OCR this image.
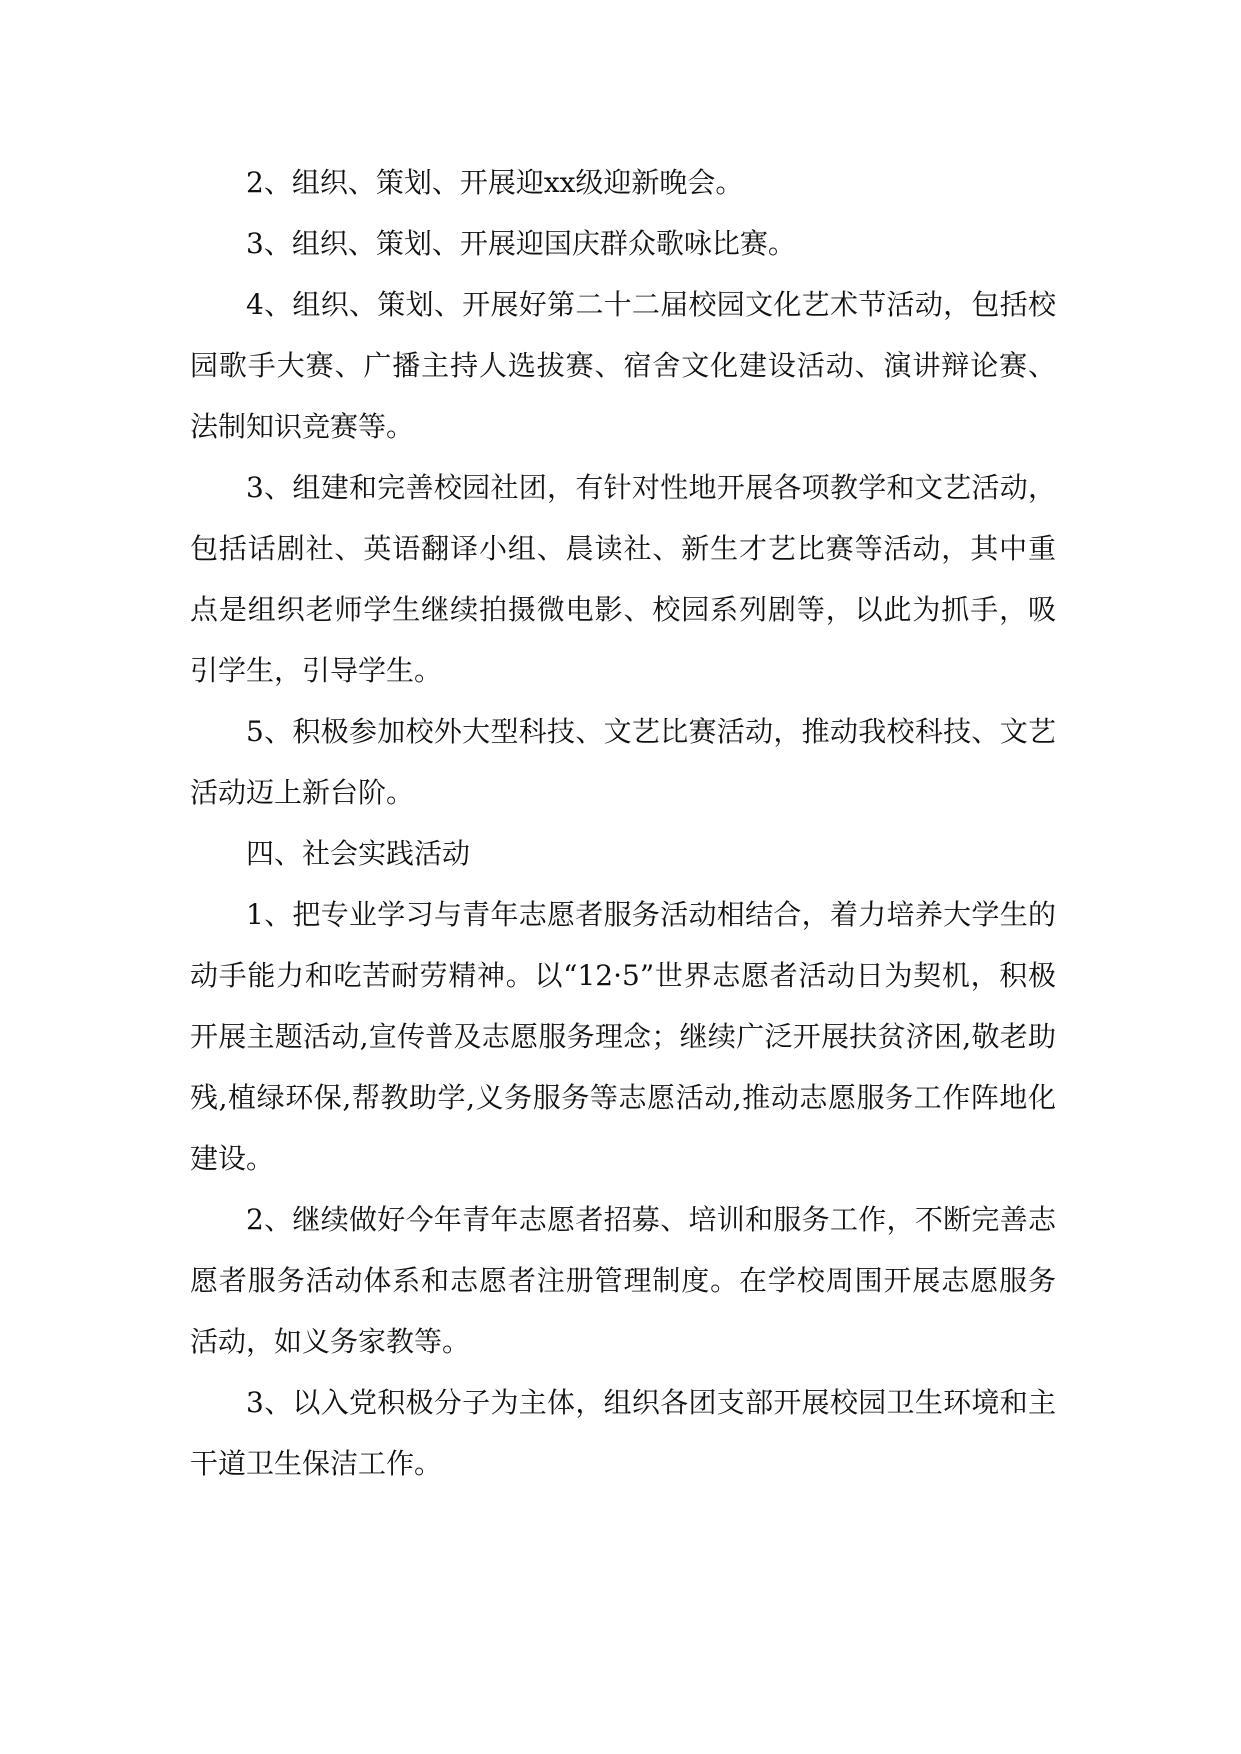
2、组织、策划、开展迎xx级迎新晚会。

3、组织、策划、开展迎国庆群众歌咏比赛。

4、组织、策划、开展好第二十二届校园文化艺术节活动，包括校园歌手大赛、广播主持人选拔赛、宿舍文化建设活动、演讲辩论赛、法制知识竞赛等。

3、组建和完善校园社团，有针对性地开展各项教学和文艺活动，包括话剧社、英语翻译小组、晨读社、新生才艺比赛等活动，其中重点是组织老师学生继续拍摄微电影、校园系列剧等，以此为抓手，吸引学生，引导学生。

5、积极参加校外大型科技、文艺比赛活动，推动我校科技、文艺活动迈上新台阶。

四、社会实践活动

1、把专业学习与青年志愿者服务活动相结合，着力培养大学生的动手能力和吃苦耐劳精神。以“12·5”世界志愿者活动日为契机，积极开展主题活动,宣传普及志愿服务理念；继续广泛开展扶贫济困,敬老助残,植绿环保,帮教助学,义务服务等志愿活动,推动志愿服务工作阵地化建设。

2、继续做好今年青年志愿者招募、培训和服务工作，不断完善志愿者服务活动体系和志愿者注册管理制度。在学校周围开展志愿服务活动，如义务家教等。

3、以入党积极分子为主体，组织各团支部开展校园卫生环境和主干道卫生保洁工作。
